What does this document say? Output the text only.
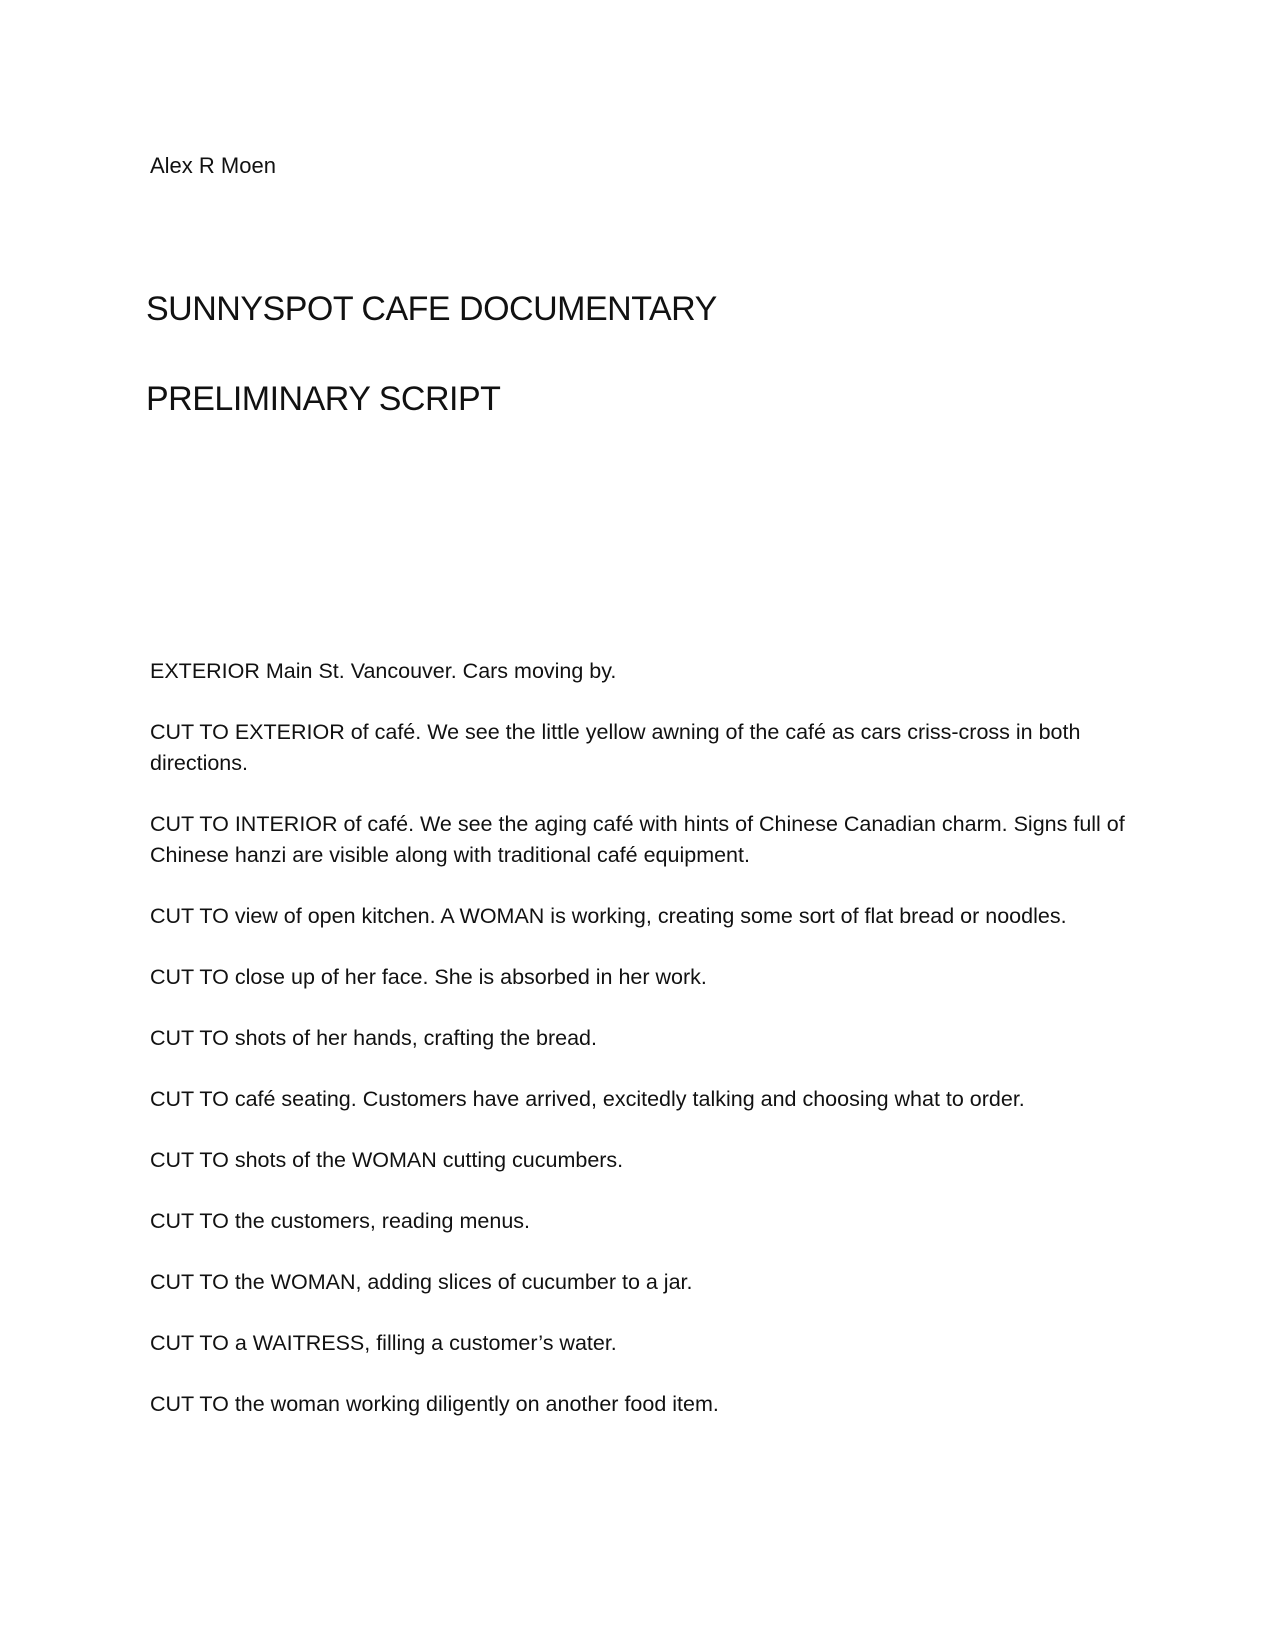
Alex R Moen

SUNNYSPOT CAFE DOCUMENTARY
PRELIMINARY SCRIPT
EXTERIOR Main St. Vancouver. Cars moving by.
CUT TO EXTERIOR of café. We see the little yellow awning of the café as cars criss-cross in both directions.
CUT TO INTERIOR of café. We see the aging café with hints of Chinese Canadian charm. Signs full of Chinese hanzi are visible along with traditional café equipment.
CUT TO view of open kitchen. A WOMAN is working, creating some sort of flat bread or noodles.
CUT TO close up of her face. She is absorbed in her work.
CUT TO shots of her hands, crafting the bread.
CUT TO café seating. Customers have arrived, excitedly talking and choosing what to order.
CUT TO shots of the WOMAN cutting cucumbers.
CUT TO the customers, reading menus.
CUT TO the WOMAN, adding slices of cucumber to a jar.
CUT TO a WAITRESS, filling a customer’s water.
CUT TO the woman working diligently on another food item.
